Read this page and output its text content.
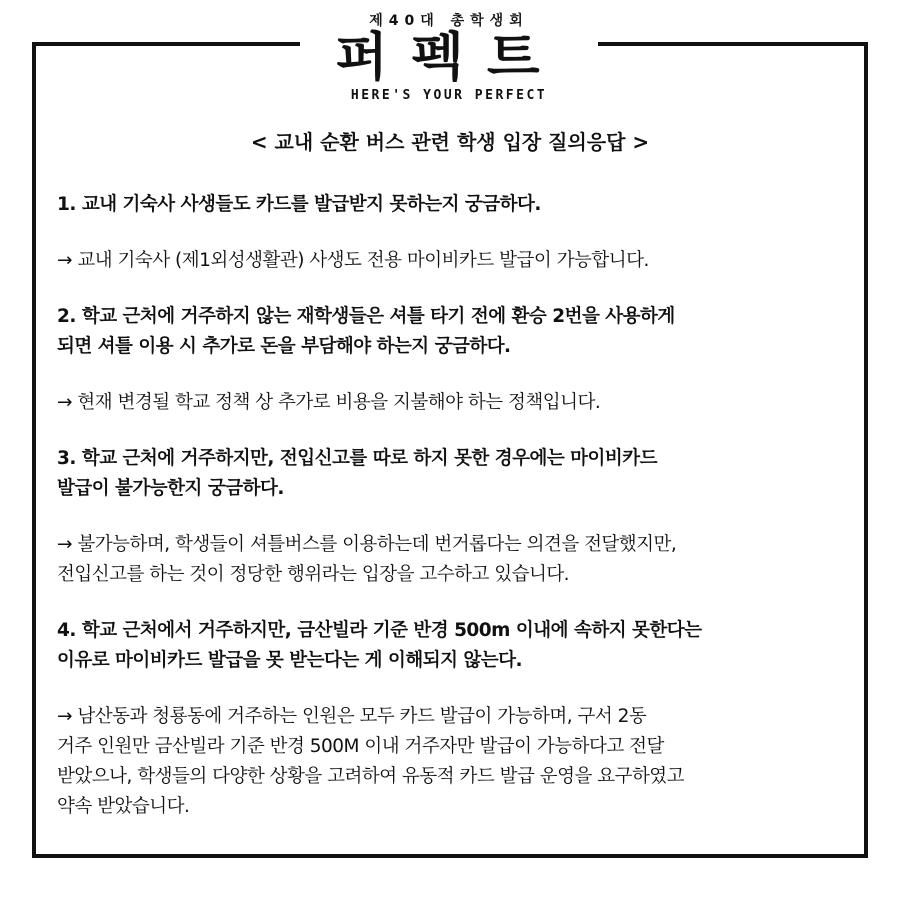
제40대 총학생회
퍼펙트
HERE'S YOUR PERFECT
< 교내 순환 버스 관련 학생 입장 질의응답 >

1. 교내 기숙사 사생들도 카드를 발급받지 못하는지 궁금하다.

→ 교내 기숙사 (제1외성생활관) 사생도 전용 마이비카드 발급이 가능합니다.

2. 학교 근처에 거주하지 않는 재학생들은 셔틀 타기 전에 환승 2번을 사용하게
되면 셔틀 이용 시 추가로 돈을 부담해야 하는지 궁금하다.

→ 현재 변경될 학교 정책 상 추가로 비용을 지불해야 하는 정책입니다.

3. 학교 근처에 거주하지만, 전입신고를 따로 하지 못한 경우에는 마이비카드
발급이 불가능한지 궁금하다.

→ 불가능하며, 학생들이 셔틀버스를 이용하는데 번거롭다는 의견을 전달했지만,
전입신고를 하는 것이 정당한 행위라는 입장을 고수하고 있습니다.

4. 학교 근처에서 거주하지만, 금산빌라 기준 반경 500m 이내에 속하지 못한다는
이유로 마이비카드 발급을 못 받는다는 게 이해되지 않는다.

→ 남산동과 청룡동에 거주하는 인원은 모두 카드 발급이 가능하며, 구서 2동
거주 인원만 금산빌라 기준 반경 500M 이내 거주자만 발급이 가능하다고 전달
받았으나, 학생들의 다양한 상황을 고려하여 유동적 카드 발급 운영을 요구하였고
약속 받았습니다.
